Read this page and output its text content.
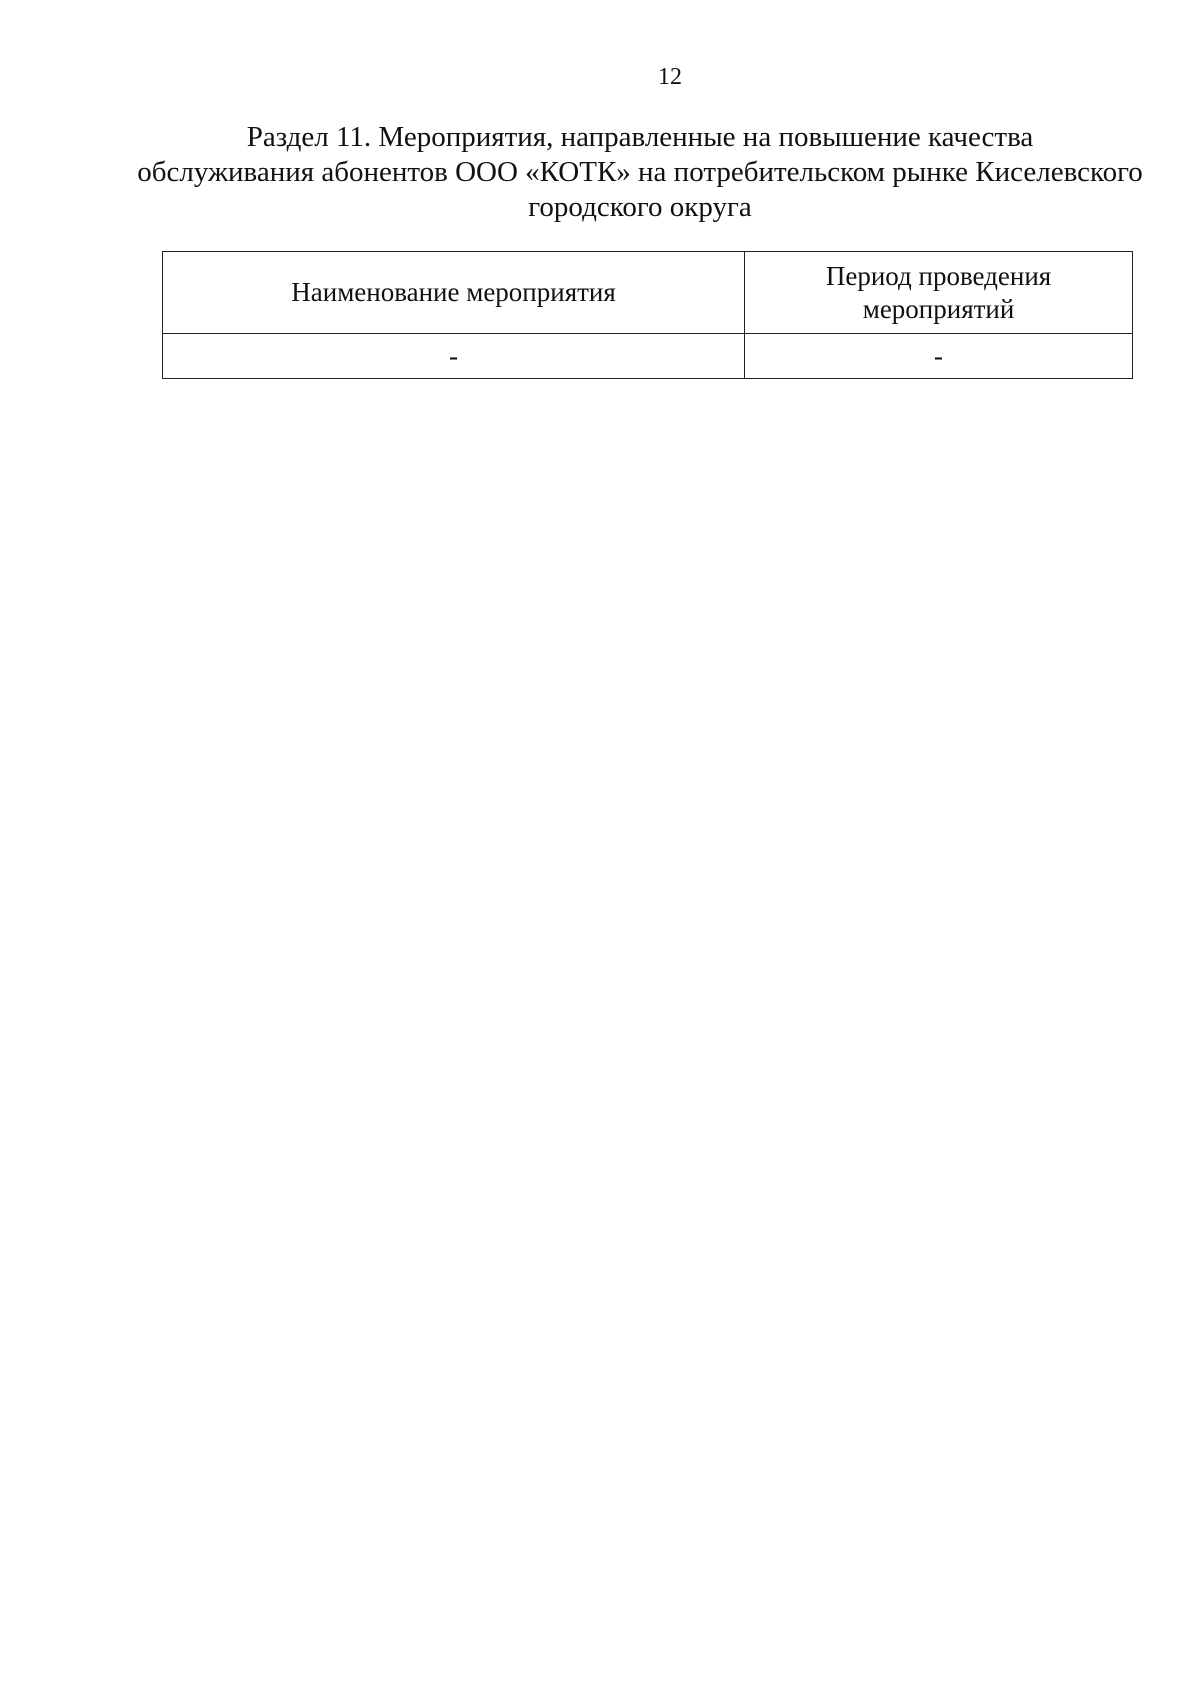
12
Раздел 11. Мероприятия, направленные на повышение качества
обслуживания абонентов ООО «КОТК» на потребительском рынке Киселевского
городского округа
Наименование мероприятия	Период проведения
мероприятий

-	-
